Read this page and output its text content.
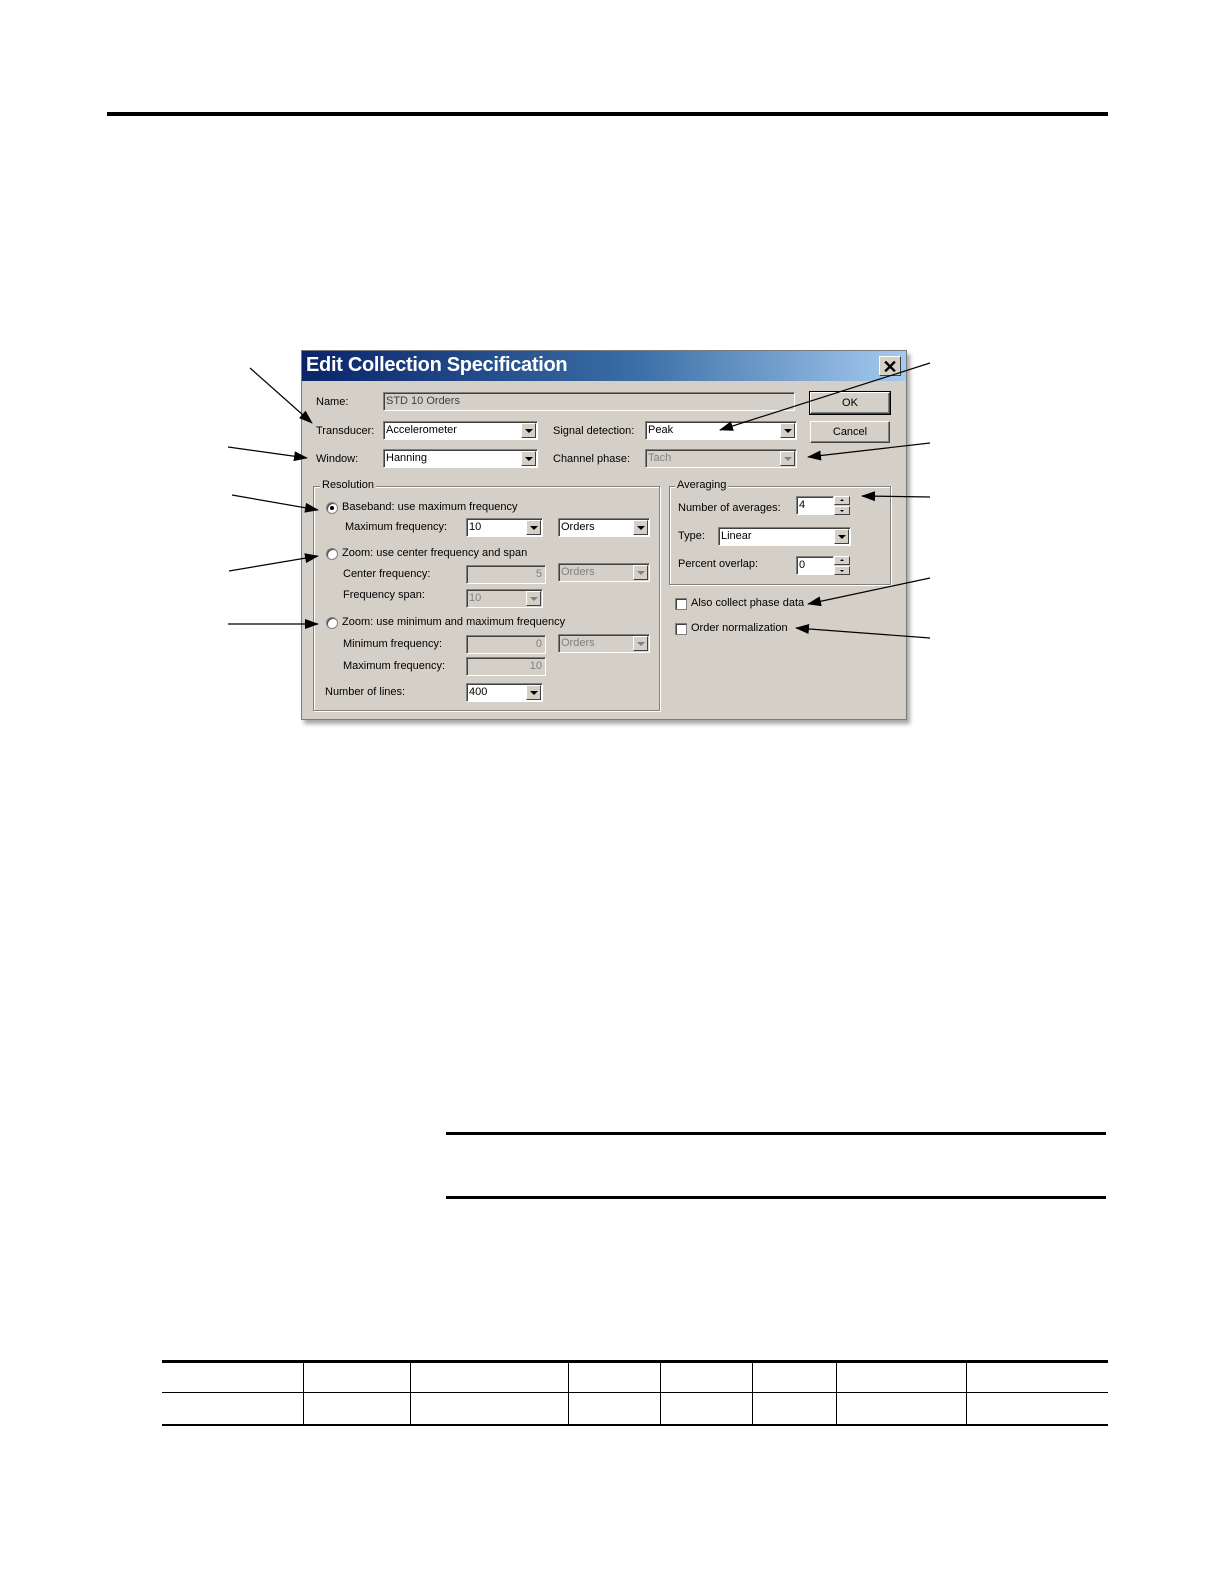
Edit Collection Specification	✕
Name:	STD 10 Orders
Transducer: Accelerometer
Window:	Hanning
Signal detection: Peak
Channel phase: Tach
OK
Cancel
Resolution
Baseband: use maximum frequency
Maximum frequency: 10	Orders
Zoom: use center frequency and span
Center frequency:	5	Orders
Frequency span:	10
Zoom: use minimum and maximum frequency
Minimum frequency:	0	Orders
Maximum frequency:	10
Number of lines:	400
Averaging
Number of averages: 4
Type: Linear
Percent overlap:	0
Also collect phase data
Order normalization
